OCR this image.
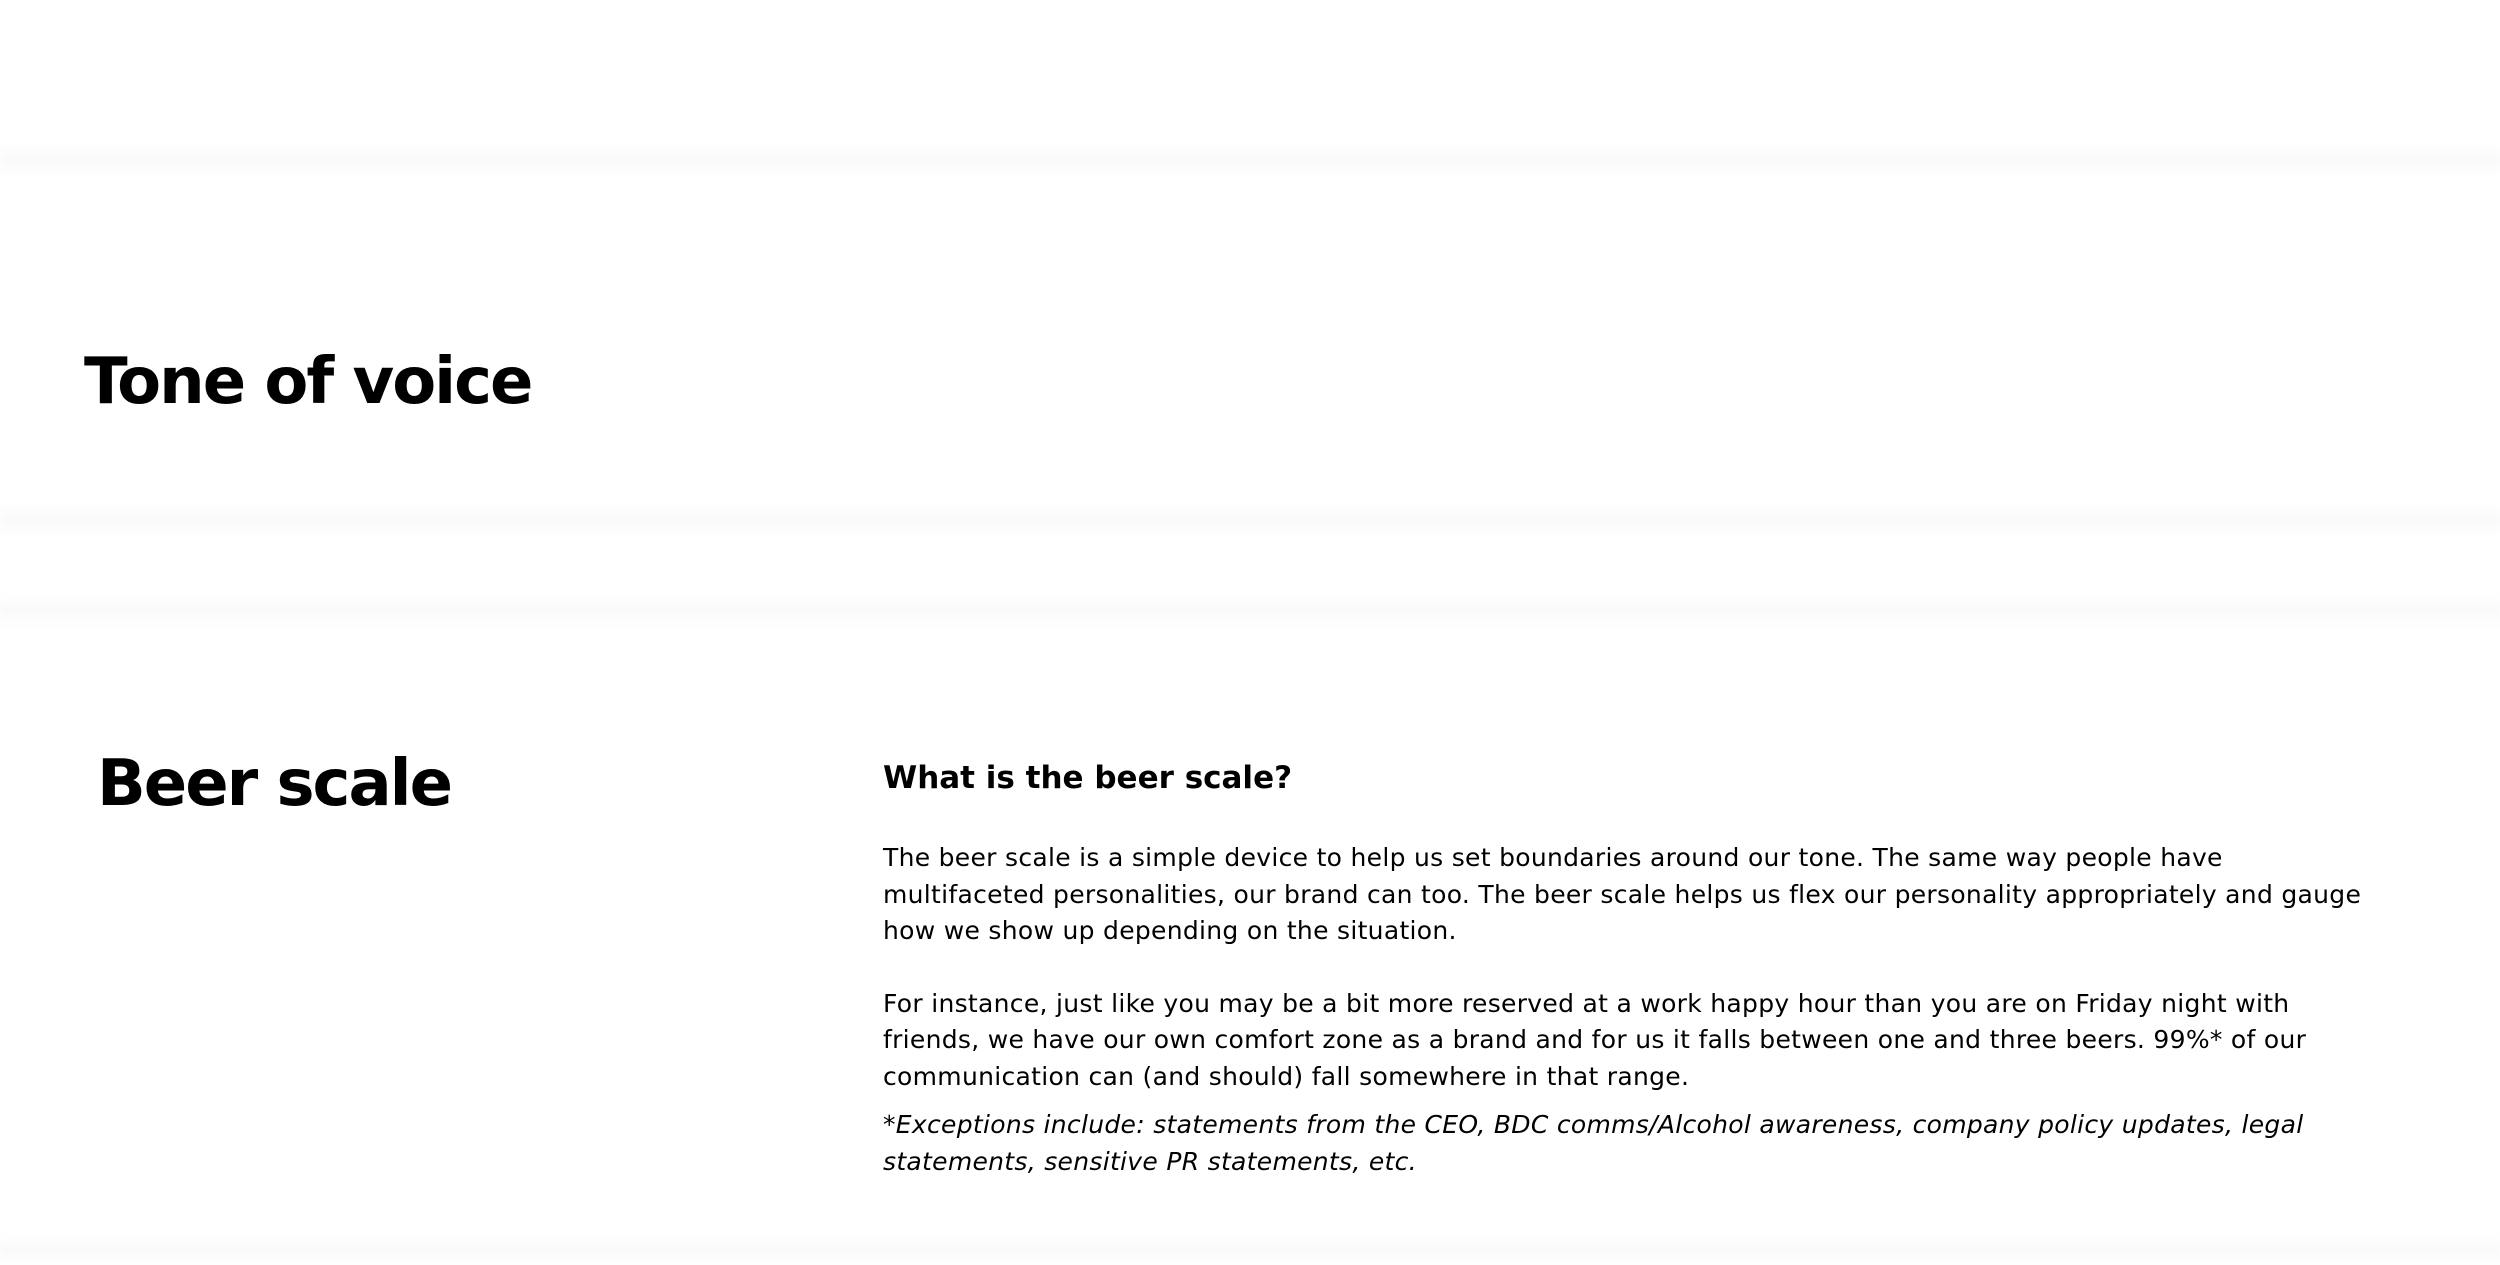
Tone of voice
Beer scale	What is the beer scale?

The beer scale is a simple device to help us set boundaries around our tone. The same way people have multifaceted personalities, our brand can too. The beer scale helps us flex our personality appropriately and gauge how we show up depending on the situation.

For instance, just like you may be a bit more reserved at a work happy hour than you are on Friday night with friends, we have our own comfort zone as a brand and for us it falls between one and three beers. 99%* of our communication can (and should) fall somewhere in that range.

*Exceptions include: statements from the CEO, BDC comms/Alcohol awareness, company policy updates, legal statements, sensitive PR statements, etc.
